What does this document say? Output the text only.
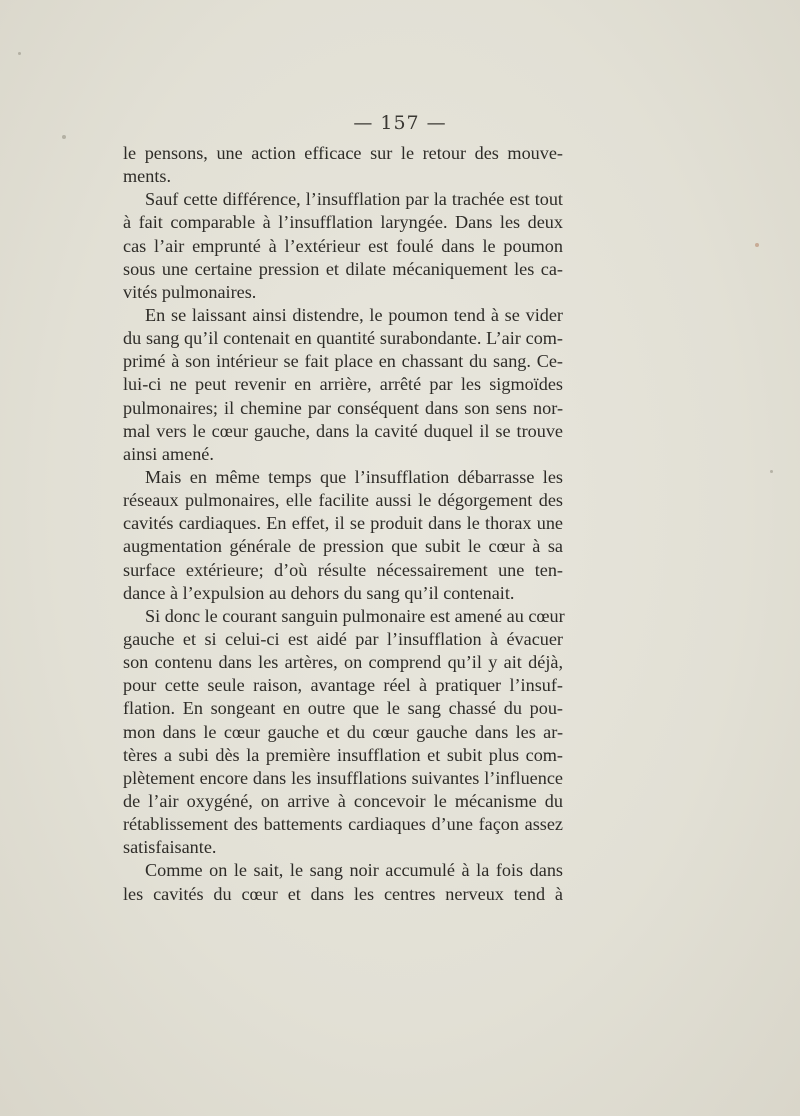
— 157 —
le pensons, une action efficace sur le retour des mouve-
ments.
Sauf cette différence, l’insufflation par la trachée est tout
à fait comparable à l’insufflation laryngée. Dans les deux
cas l’air emprunté à l’extérieur est foulé dans le poumon
sous une certaine pression et dilate mécaniquement les ca-
vités pulmonaires.
En se laissant ainsi distendre, le poumon tend à se vider
du sang qu’il contenait en quantité surabondante. L’air com-
primé à son intérieur se fait place en chassant du sang. Ce-
lui-ci ne peut revenir en arrière, arrêté par les sigmoïdes
pulmonaires; il chemine par conséquent dans son sens nor-
mal vers le cœur gauche, dans la cavité duquel il se trouve
ainsi amené.
Mais en même temps que l’insufflation débarrasse les
réseaux pulmonaires, elle facilite aussi le dégorgement des
cavités cardiaques. En effet, il se produit dans le thorax une
augmentation générale de pression que subit le cœur à sa
surface extérieure; d’où résulte nécessairement une ten-
dance à l’expulsion au dehors du sang qu’il contenait.
Si donc le courant sanguin pulmonaire est amené au cœur
gauche et si celui-ci est aidé par l’insufflation à évacuer
son contenu dans les artères, on comprend qu’il y ait déjà,
pour cette seule raison, avantage réel à pratiquer l’insuf-
flation. En songeant en outre que le sang chassé du pou-
mon dans le cœur gauche et du cœur gauche dans les ar-
tères a subi dès la première insufflation et subit plus com-
plètement encore dans les insufflations suivantes l’influence
de l’air oxygéné, on arrive à concevoir le mécanisme du
rétablissement des battements cardiaques d’une façon assez
satisfaisante.
Comme on le sait, le sang noir accumulé à la fois dans
les cavités du cœur et dans les centres nerveux tend à
